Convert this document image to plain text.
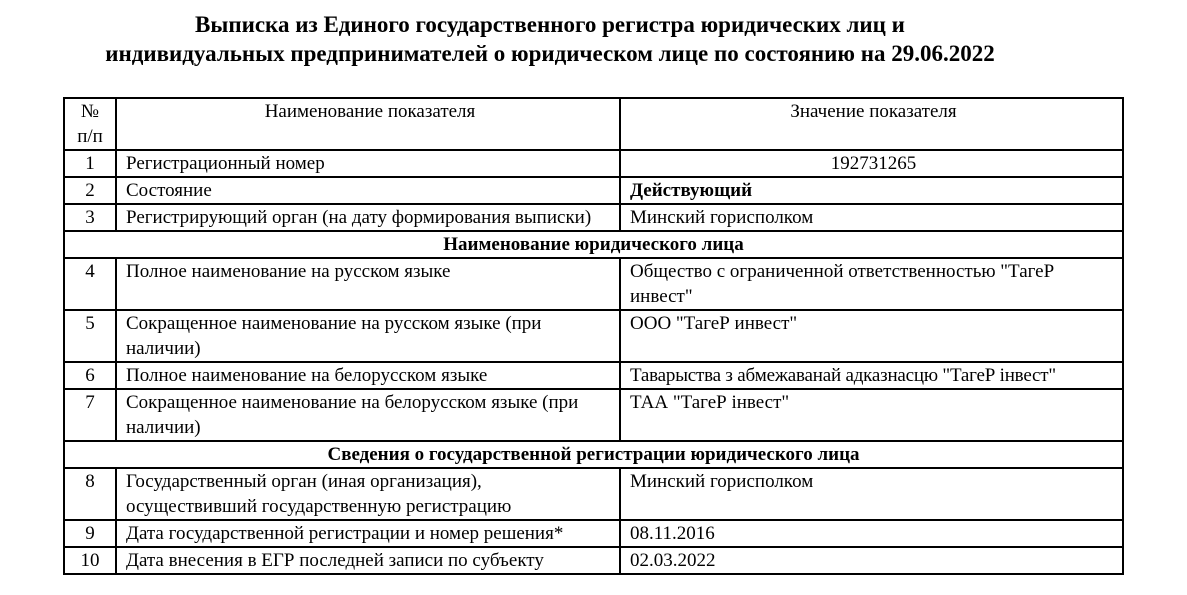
Выписка из Единого государственного регистра юридических лиц и
индивидуальных предпринимателей о юридическом лице по состоянию на 29.06.2022
№
п/п	Наименование показателя	Значение показателя
1	Регистрационный номер	192731265
2	Состояние	Действующий
3	Регистрирующий орган (на дату формирования выписки)	Минский горисполком
Наименование юридического лица		
4	Полное наименование на русском языке	Общество с ограниченной ответственностью "ТагеР инвест"
5	Сокращенное наименование на русском языке (при наличии)	ООО "ТагеР инвест"
6	Полное наименование на белорусском языке	Таварыства з абмежаванай адказнасцю "ТагеР iнвест"
7	Сокращенное наименование на белорусском языке (при наличии)	ТАА "ТагеР iнвест"
Сведения о государственной регистрации юридического лица		
8	Государственный орган (иная организация), осуществивший государственную регистрацию	Минский горисполком
9	Дата государственной регистрации и номер решения*	08.11.2016
10	Дата внесения в ЕГР последней записи по субъекту	02.03.2022
